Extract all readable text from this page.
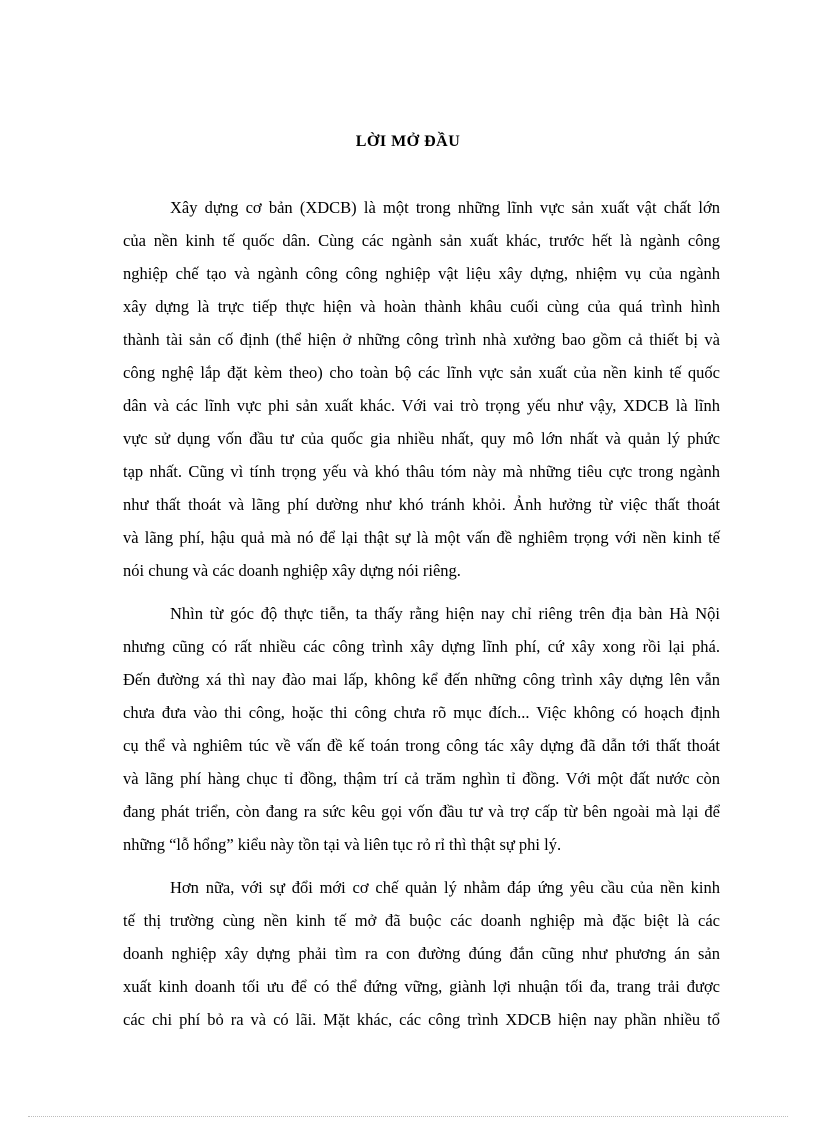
LỜI MỞ ĐẦU
Xây dựng cơ bản (XDCB) là một trong những lĩnh vực sản xuất vật chất lớn
của nền kinh tế quốc dân. Cùng các ngành sản xuất khác, trước hết là ngành công
nghiệp chế tạo và ngành công công nghiệp vật liệu xây dựng, nhiệm vụ của ngành
xây dựng là trực tiếp thực hiện và hoàn thành khâu cuối cùng của quá trình hình
thành tài sản cố định (thể hiện ở những công trình nhà xưởng bao gồm cả thiết bị và
công nghệ lắp đặt kèm theo) cho toàn bộ các lĩnh vực sản xuất của nền kinh tế quốc
dân và các lĩnh vực phi sản xuất khác. Với vai trò trọng yếu như vậy, XDCB là lĩnh
vực sử dụng vốn đầu tư của quốc gia nhiều nhất, quy mô lớn nhất và quản lý phức
tạp nhất. Cũng vì tính trọng yếu và khó thâu tóm này mà những tiêu cực trong ngành
như thất thoát và lãng phí dường như khó tránh khỏi. Ảnh hưởng từ việc thất thoát
và lãng phí, hậu quả mà nó để lại thật sự là một vấn đề nghiêm trọng với nền kinh tế
nói chung và các doanh nghiệp xây dựng nói riêng.
Nhìn từ góc độ thực tiễn, ta thấy rằng hiện nay chỉ riêng trên địa bàn Hà Nội
nhưng cũng có rất nhiều các công trình xây dựng lĩnh phí, cứ xây xong rồi lại phá.
Đến đường xá thì nay đào mai lấp, không kể đến những công trình xây dựng lên vẫn
chưa đưa vào thi công, hoặc thi công chưa rõ mục đích... Việc không có hoạch định
cụ thể và nghiêm túc về vấn đề kế toán trong công tác xây dựng đã dẫn tới thất thoát
và lãng phí hàng chục tỉ đồng, thậm trí cả trăm nghìn tỉ đồng. Với một đất nước còn
đang phát triển, còn đang ra sức kêu gọi vốn đầu tư và trợ cấp từ bên ngoài mà lại để
những “lỗ hổng” kiểu này tồn tại và liên tục rỏ rỉ thì thật sự phi lý.
Hơn nữa, với sự đổi mới cơ chế quản lý nhằm đáp ứng yêu cầu của nền kinh
tế thị trường cùng nền kinh tế mở đã buộc các doanh nghiệp mà đặc biệt là các
doanh nghiệp xây dựng phải tìm ra con đường đúng đắn cũng như phương án sản
xuất kinh doanh tối ưu để có thể đứng vững, giành lợi nhuận tối đa, trang trải được
các chi phí bỏ ra và có lãi. Mặt khác, các công trình XDCB hiện nay phần nhiều tổ
